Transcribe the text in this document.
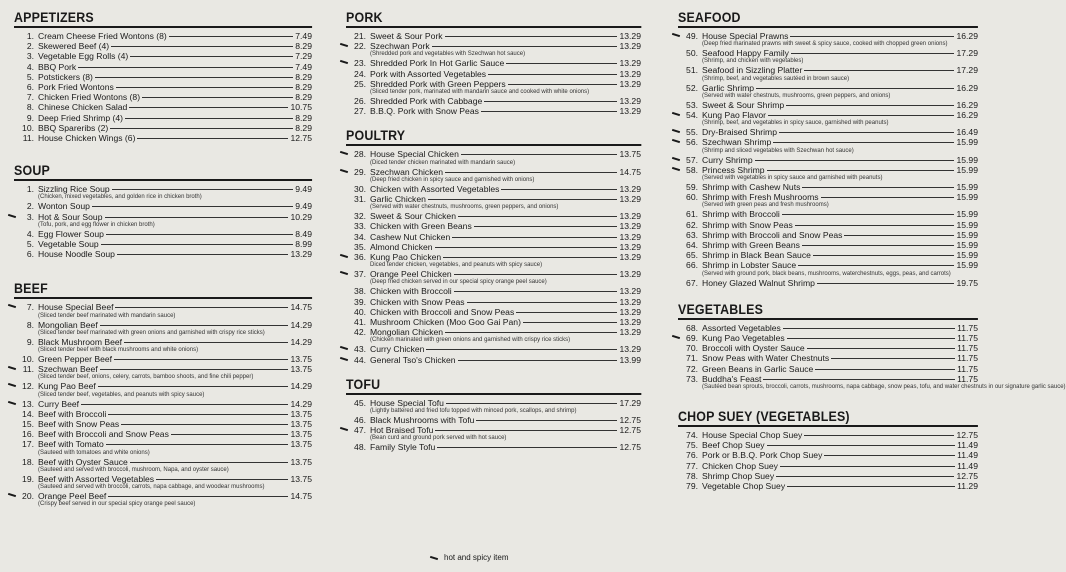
APPETIZERS
1. Cream Cheese Fried Wontons (8)	7.49
2. Skewered Beef (4)	8.29
3. Vegetable Egg Rolls (4)	7.29
4. BBQ Pork	7.49
5. Potstickers (8)	8.29
6. Pork Fried Wontons	8.29
7. Chicken Fried Wontons (8)	8.29
8. Chinese Chicken Salad	10.75
9. Deep Fried Shrimp (4)	8.29
10. BBQ Spareribs (2)	8.29
11. House Chicken Wings (6)	12.75
SOUP
1. Sizzling Rice Soup	9.49
(Chicken, mixed vegetables, and golden rice in chicken broth)
2. Wonton Soup	9.49
3. Hot & Sour Soup	10.29
(Tofu, pork, and egg flower in chicken broth)
4. Egg Flower Soup	8.49
5. Vegetable Soup	8.99
6. House Noodle Soup	13.29
BEEF
7. House Special Beef	14.75
(Sliced tender beef marinated with mandarin sauce)
8. Mongolian Beef	14.29
(Sliced tender beef marinated with green onions and garnished with crispy rice sticks)
9. Black Mushroom Beef	14.29
(Sliced tender beef with black mushrooms and white onions)
10. Green Pepper Beef	13.75
11. Szechwan Beef	13.75
(Sliced tender beef, onions, celery, carrots, bamboo shoots, and fine chili pepper)
12. Kung Pao Beef	14.29
(Sliced tender beef, vegetables, and peanuts with spicy sauce)
13. Curry Beef	14.29
14. Beef with Broccoli	13.75
15. Beef with Snow Peas	13.75
16. Beef with Broccoli and Snow Peas	13.75
17. Beef with Tomato	13.75
(Sauteed with tomatoes and white onions)
18. Beef with Oyster Sauce	13.75
(Sauteed and served with broccoli, mushroom, Napa, and oyster sauce)
19. Beef with Assorted Vegetables	13.75
(Sauteed and served with broccoli, carrots, napa cabbage, and woodear mushrooms)
20. Orange Peel Beef	14.75
(Crispy beef served in our special spicy orange peel sauce)
PORK
21. Sweet & Sour Pork	13.29
22. Szechwan Pork	13.29
(Shredded pork and vegetables with Szechwan hot sauce)
23. Shredded Pork In Hot Garlic Sauce	13.29
24. Pork with Assorted Vegetables	13.29
25. Shredded Pork with Green Peppers	13.29
(Sliced tender pork, marinated with mandarin sauce and cooked with white onions)
26. Shredded Pork with Cabbage	13.29
27. B.B.Q. Pork with Snow Peas	13.29
POULTRY
28. House Special Chicken	13.75
(Diced tender chicken marinated with mandarin sauce)
29. Szechwan Chicken	14.75
(Deep fried chicken in spicy sauce and garnished with onions)
30. Chicken with Assorted Vegetables	13.29
31. Garlic Chicken	13.29
(Served with water chestnuts, mushrooms, green peppers, and onions)
32. Sweet & Sour Chicken	13.29
33. Chicken with Green Beans	13.29
34. Cashew Nut Chicken	13.29
35. Almond Chicken	13.29
36. Kung Pao Chicken	13.29
Diced tender chicken, vegetables, and peanuts with spicy sauce)
37. Orange Peel Chicken	13.29
(Deep fried chicken served in our special spicy orange peel sauce)
38. Chicken with Broccoli	13.29
39. Chicken with Snow Peas	13.29
40. Chicken with Broccoli and Snow Peas	13.29
41. Mushroom Chicken (Moo Goo Gai Pan)	13.29
42. Mongolian Chicken	13.29
(Chicken marinated with green onions and garnished with crispy rice sticks)
43. Curry Chicken	13.29
44. General Tso's Chicken	13.99
TOFU
45. House Special Tofu	17.29
(Lightly battered and fried tofu topped with minced pork, scallops, and shrimp)
46. Black Mushrooms with Tofu	12.75
47. Hot Braised Tofu	12.75
(Bean curd and ground pork served with hot sauce)
48. Family Style Tofu	12.75
SEAFOOD
49. House Special Prawns	16.29
(Deep fried marinated prawns with sweet & spicy sauce, cooked with chopped green onions)
50. Seafood Happy Family	17.29
(Shrimp, and chicken with vegetables)
51. Seafood in Sizzling Platter	17.29
(Shrimp, beef, and vegetables sautéed in brown sauce)
52. Garlic Shrimp	16.29
(Served with water chestnuts, mushrooms, green peppers, and onions)
53. Sweet & Sour Shrimp	16.29
54. Kung Pao Flavor	16.29
(Shrimp, beef, and vegetables in spicy sauce, garnished with peanuts)
55. Dry-Braised Shrimp	16.49
56. Szechwan Shrimp	15.99
(Shrimp and sliced vegetables with Szechwan hot sauce)
57. Curry Shrimp	15.99
58. Princess Shrimp	15.99
(Served with vegetables in spicy sauce and garnished with peanuts)
59. Shrimp with Cashew Nuts	15.99
60. Shrimp with Fresh Mushrooms	15.99
(Served with green peas and fresh mushrooms)
61. Shrimp with Broccoli	15.99
62. Shrimp with Snow Peas	15.99
63. Shrimp with Broccoli and Snow Peas	15.99
64. Shrimp with Green Beans	15.99
65. Shrimp in Black Bean Sauce	15.99
66. Shrimp in Lobster Sauce	15.99
(Served with ground pork, black beans, mushrooms, waterchestnuts, eggs, peas, and carrots)
67. Honey Glazed Walnut Shrimp	19.75
VEGETABLES
68. Assorted Vegetables	11.75
69. Kung Pao Vegetables	11.75
70. Broccoli with Oyster Sauce	11.75
71. Snow Peas with Water Chestnuts	11.75
72. Green Beans in Garlic Sauce	11.75
73. Buddha's Feast	11.75
(Sautéed bean sprouts, broccoli, carrots, mushrooms, napa cabbage, snow peas, tofu, and water chestnuts in our signature garlic sauce)
CHOP SUEY (VEGETABLES)
74. House Special Chop Suey	12.75
75. Beef Chop Suey	11.49
76. Pork or B.B.Q. Pork Chop Suey	11.49
77. Chicken Chop Suey	11.49
78. Shrimp Chop Suey	12.75
79. Vegetable Chop Suey	11.29
hot and spicy item
